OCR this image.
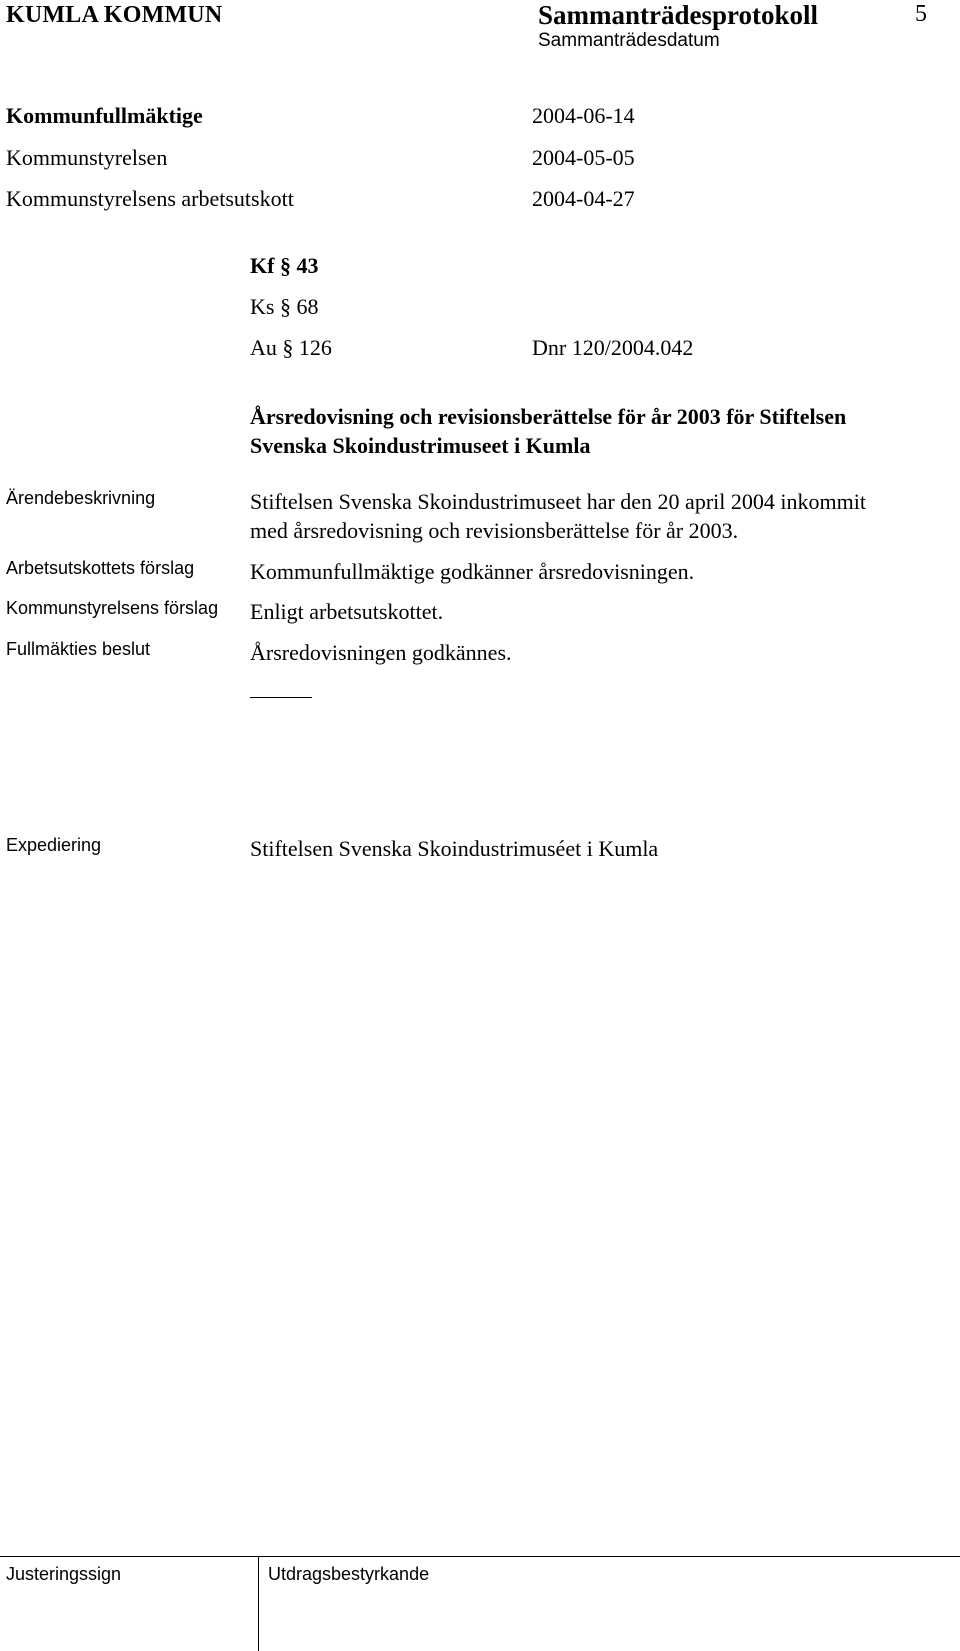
KUMLA KOMMUN	Sammanträdesprotokoll	5
Sammanträdesdatum
Kommunfullmäktige	2004-06-14
Kommunstyrelsen	2004-05-05
Kommunstyrelsens arbetsutskott	2004-04-27
Kf § 43
Ks § 68
Au § 126	Dnr 120/2004.042
Årsredovisning och revisionsberättelse för år 2003 för Stiftelsen
Svenska Skoindustrimuseet i Kumla
Ärendebeskrivning	Stiftelsen Svenska Skoindustrimuseet har den 20 april 2004 inkommit
med årsredovisning och revisionsberättelse för år 2003.
Arbetsutskottets förslag	Kommunfullmäktige godkänner årsredovisningen.
Kommunstyrelsens förslag Enligt arbetsutskottet.
Fullmäkties beslut	Årsredovisningen godkännes.
Expediering	Stiftelsen Svenska Skoindustrimuséet i Kumla
Justeringssign	Utdragsbestyrkande
